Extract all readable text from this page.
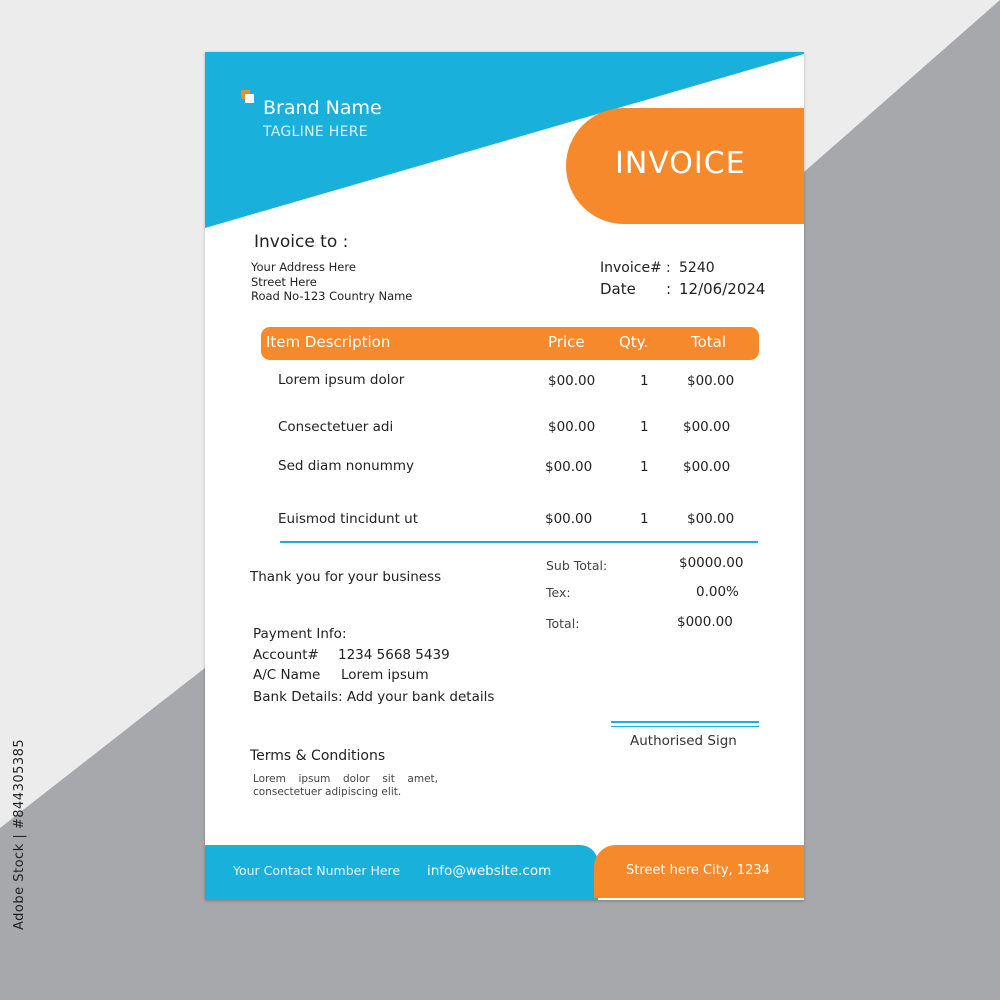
Brand Name
TAGLINE HERE
INVOICE
Invoice to :
Your Address Here
Street Here
Road No-123 Country Name
Invoice# : 5240
Date : 12/06/2024
Item Description	Price Qty.	Total
Lorem ipsum dolor	$00.00	1	$00.00
Consectetuer adi	$00.00	1	$00.00
Sed diam nonummy	$00.00	1	$00.00
Euismod tincidunt ut	$00.00	1	$00.00
Sub Total:	$0000.00
Tex:	0.00%
Total:	$000.00
Thank you for your business
Payment Info:
Account# 1234 5668 5439
A/C Name Lorem ipsum
Bank Details: Add your bank details
Authorised Sign
Terms & Conditions
Lorem ipsum dolor sit amet, consectetuer adipiscing elit.
Your Contact Number Here info@website.com	Street here City, 1234
Adobe Stock | #844305385
